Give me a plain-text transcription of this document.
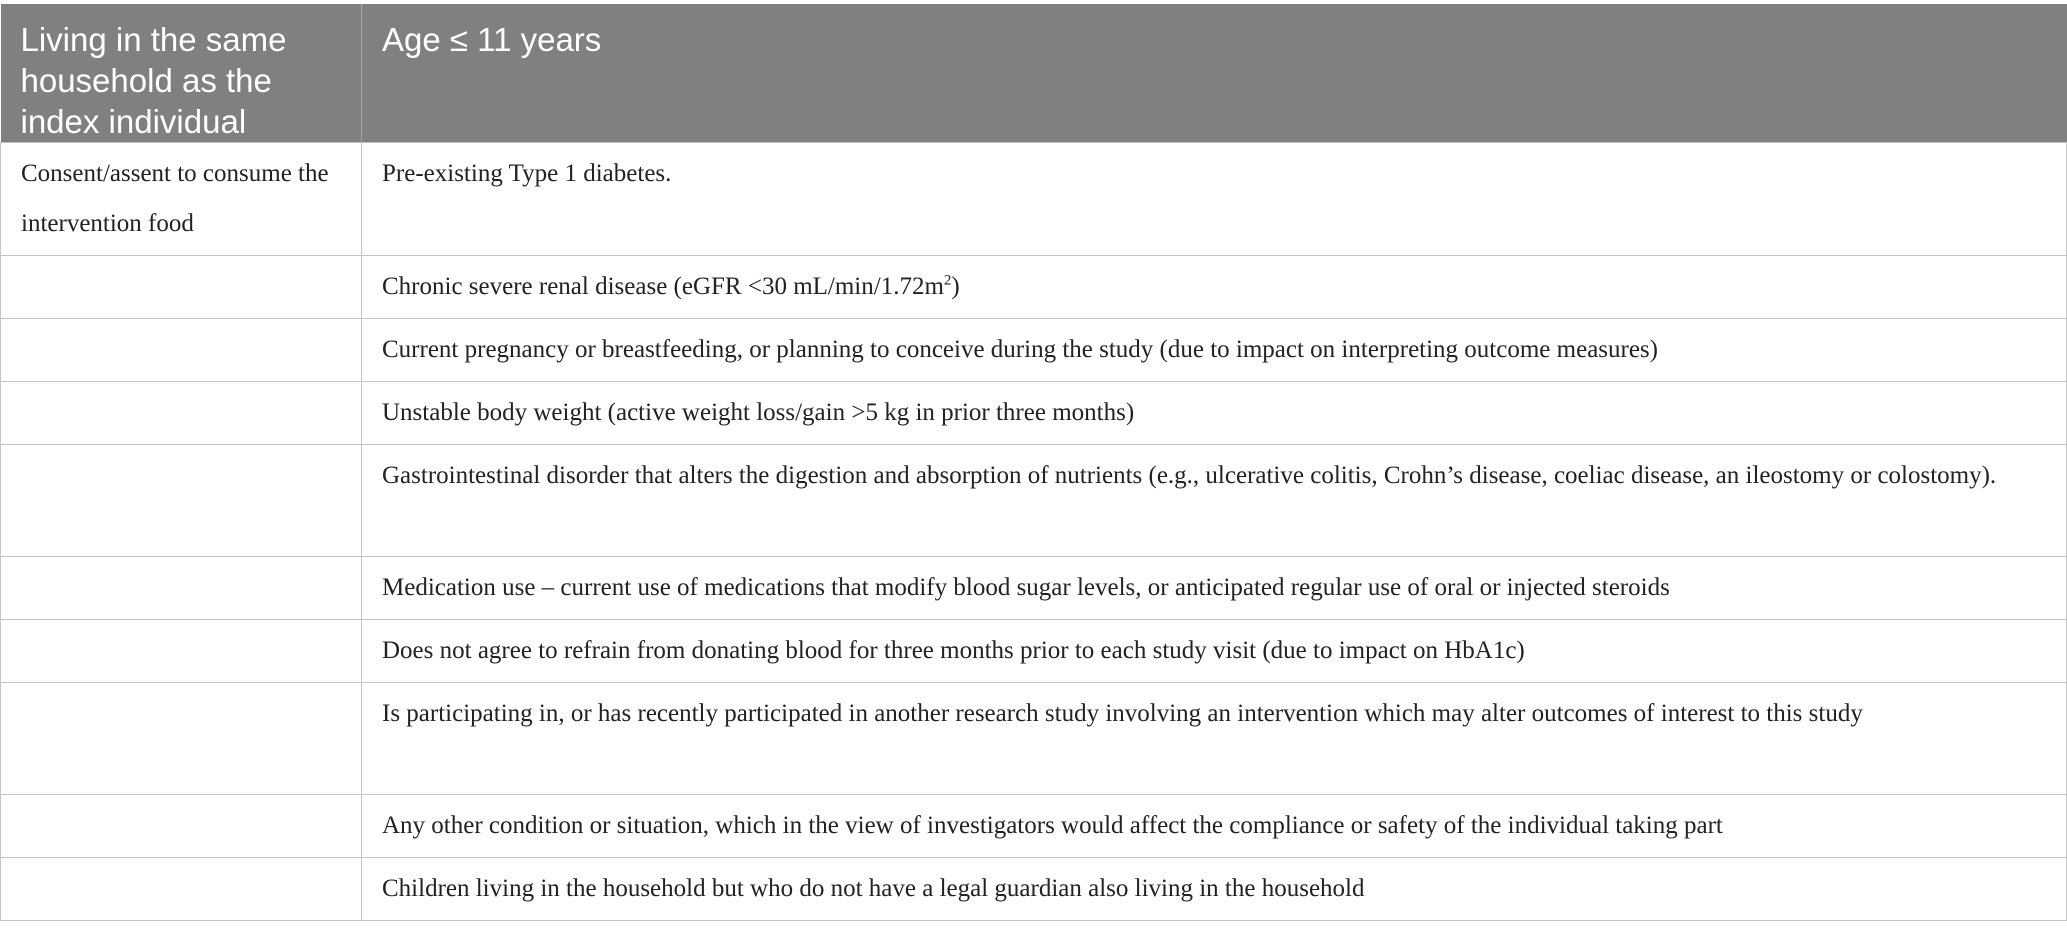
Living in the same household as the index individual	Age ≤ 11 years
Consent/assent to consume the intervention food	Pre-existing Type 1 diabetes.
	Chronic severe renal disease (eGFR <30 $mL/\min/1.72m^2$)
	Current pregnancy or breastfeeding, or planning to conceive during the study (due to impact on interpreting outcome measures)
	Unstable body weight (active weight loss/gain >5 kg in prior three months)
	Gastrointestinal disorder that alters the digestion and absorption of nutrients (e.g., ulcerative colitis, Crohn’s disease, coeliac disease, an ileostomy or colostomy).
	Medication use – current use of medications that modify blood sugar levels, or anticipated regular use of oral or injected steroids
	Does not agree to refrain from donating blood for three months prior to each study visit (due to impact on HbA1c)
	Is participating in, or has recently participated in another research study involving an intervention which may alter outcomes of interest to this study
	Any other condition or situation, which in the view of investigators would affect the compliance or safety of the individual taking part
	Children living in the household but who do not have a legal guardian also living in the household
